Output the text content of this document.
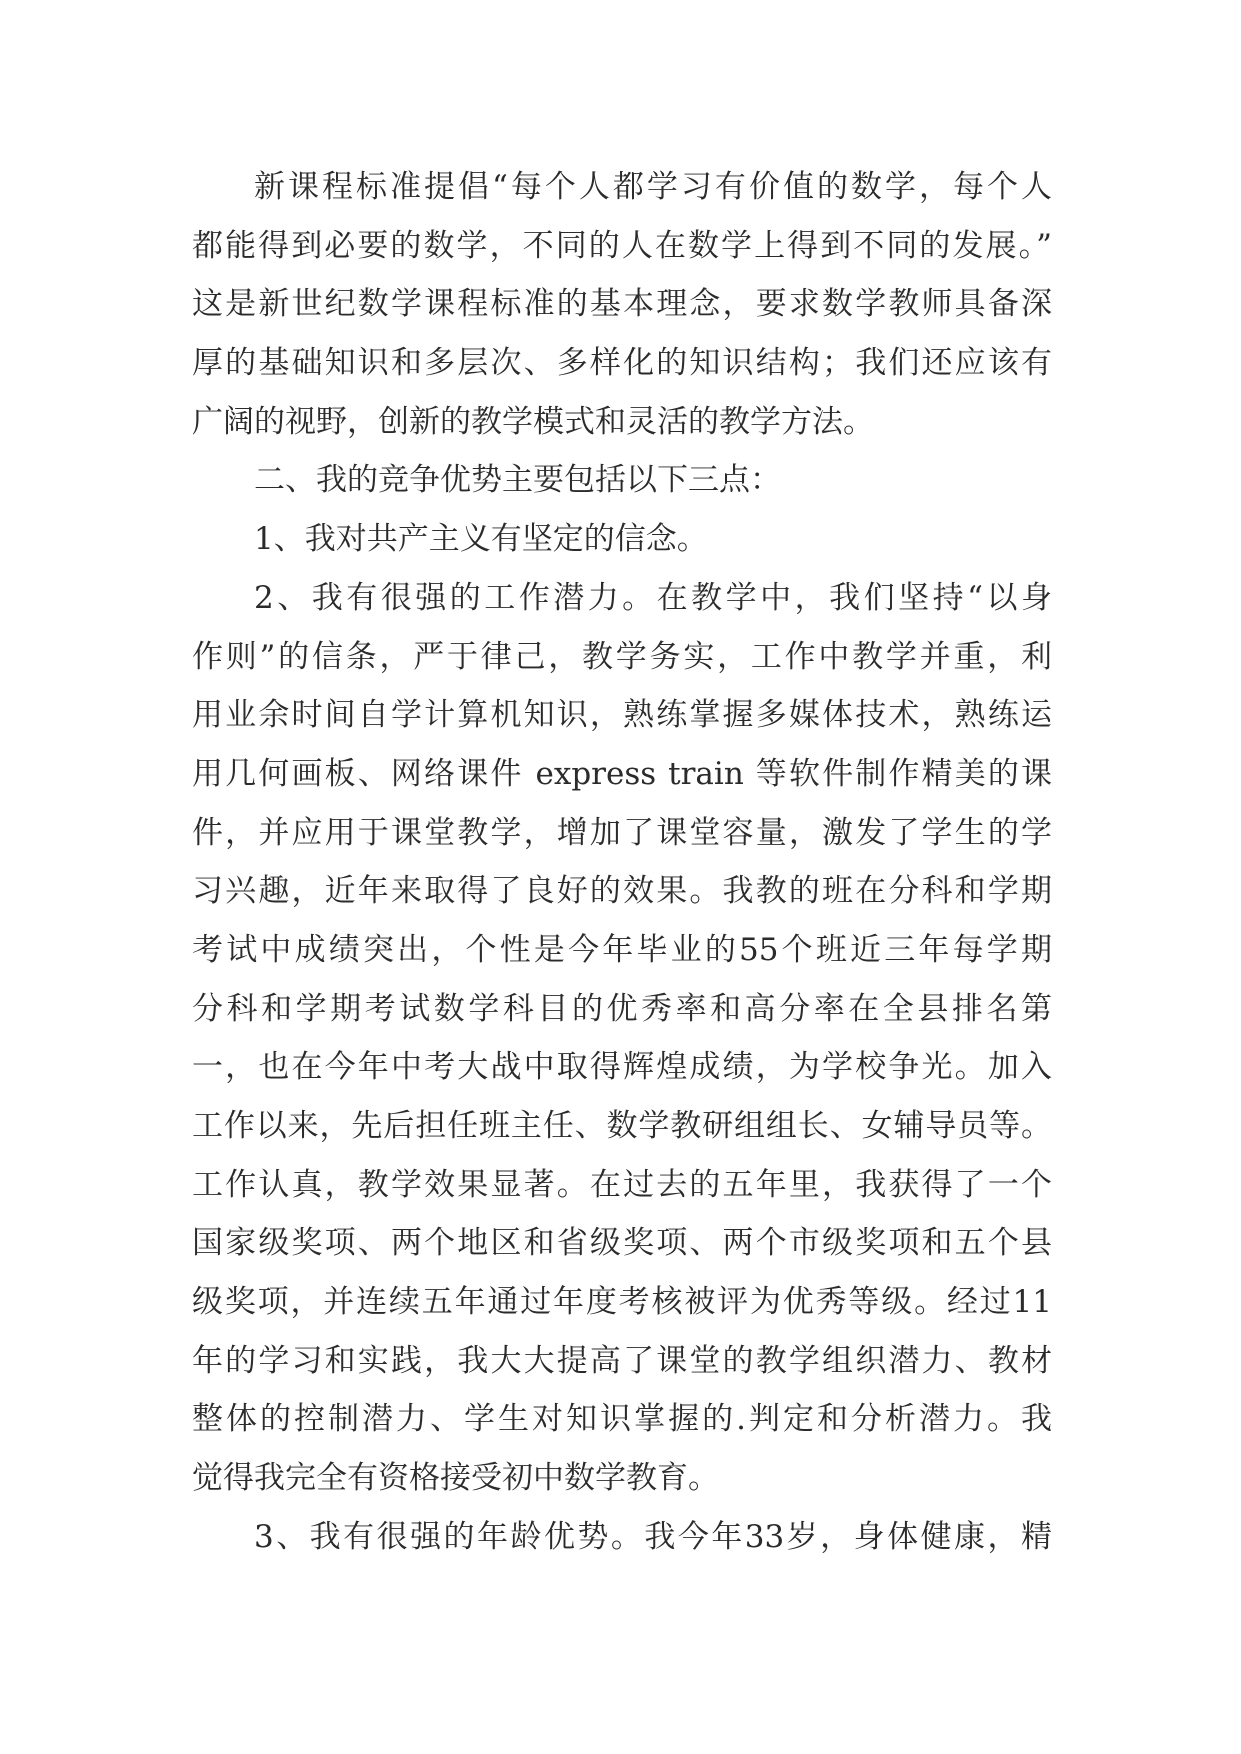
新课程标准提倡“每个人都学习有价值的数学，每个人
都能得到必要的数学，不同的人在数学上得到不同的发展。”
这是新世纪数学课程标准的基本理念，要求数学教师具备深
厚的基础知识和多层次、多样化的知识结构；我们还应该有
广阔的视野，创新的教学模式和灵活的教学方法。
二、我的竞争优势主要包括以下三点：
1、我对共产主义有坚定的信念。
2、我有很强的工作潜力。在教学中，我们坚持“以身
作则”的信条，严于律己，教学务实，工作中教学并重，利
用业余时间自学计算机知识，熟练掌握多媒体技术，熟练运
用几何画板、网络课件 express train 等软件制作精美的课
件，并应用于课堂教学，增加了课堂容量，激发了学生的学
习兴趣，近年来取得了良好的效果。我教的班在分科和学期
考试中成绩突出，个性是今年毕业的55个班近三年每学期
分科和学期考试数学科目的优秀率和高分率在全县排名第
一，也在今年中考大战中取得辉煌成绩，为学校争光。加入
工作以来，先后担任班主任、数学教研组组长、女辅导员等。
工作认真，教学效果显著。在过去的五年里，我获得了一个
国家级奖项、两个地区和省级奖项、两个市级奖项和五个县
级奖项，并连续五年通过年度考核被评为优秀等级。经过11
年的学习和实践，我大大提高了课堂的教学组织潜力、教材
整体的控制潜力、学生对知识掌握的.判定和分析潜力。我
觉得我完全有资格接受初中数学教育。
3、我有很强的年龄优势。我今年33岁，身体健康，精
